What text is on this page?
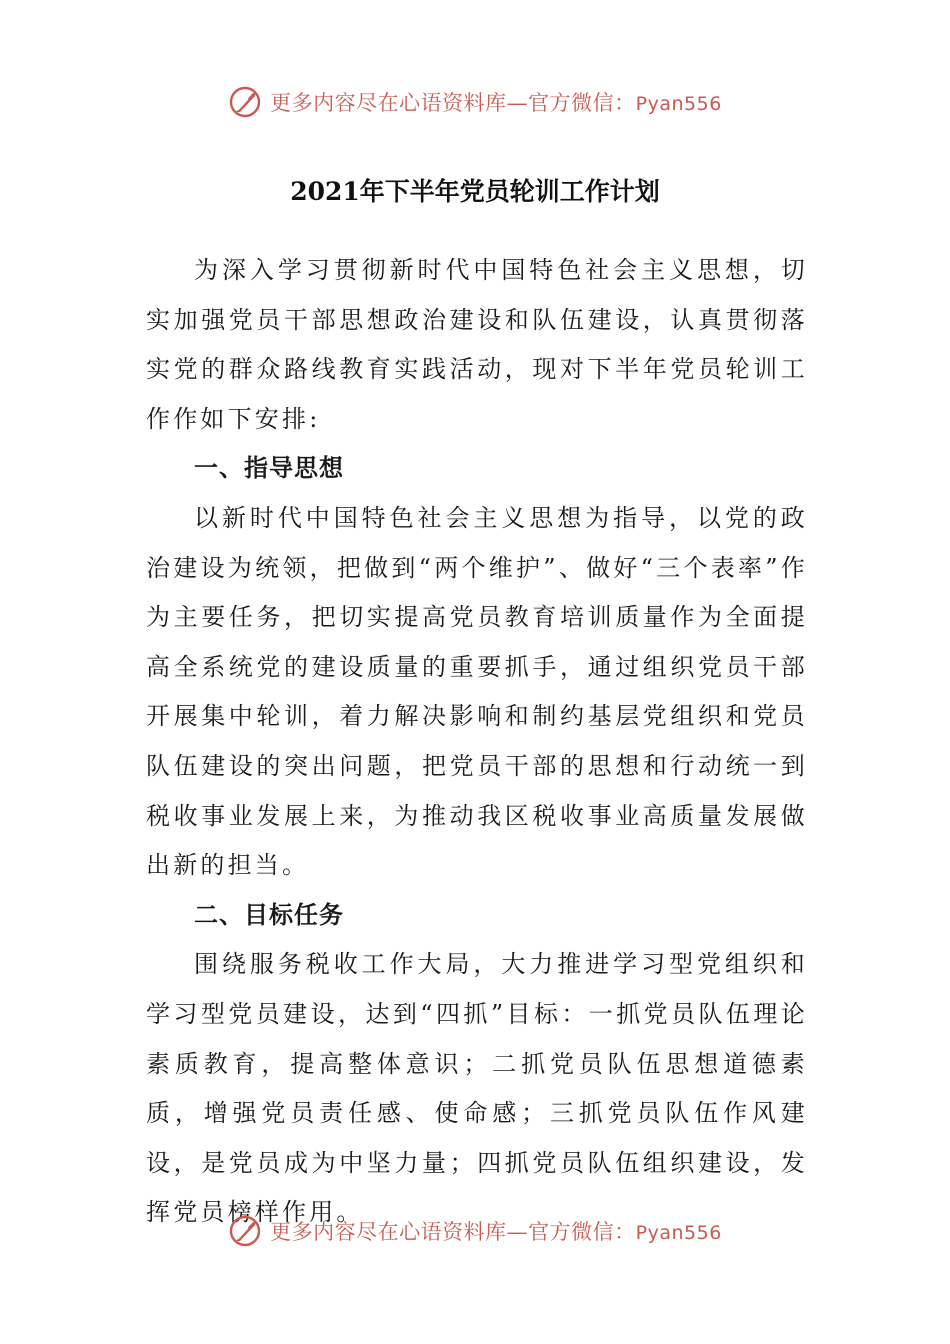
更多内容尽在心语资料库—官方微信：Pyan556
2021年下半年党员轮训工作计划

为深入学习贯彻新时代中国特色社会主义思想，切实加强党员干部思想政治建设和队伍建设，认真贯彻落实党的群众路线教育实践活动，现对下半年党员轮训工作作如下安排:

一、指导思想

以新时代中国特色社会主义思想为指导，以党的政治建设为统领，把做到“两个维护”、做好“三个表率”作为主要任务，把切实提高党员教育培训质量作为全面提高全系统党的建设质量的重要抓手，通过组织党员干部开展集中轮训，着力解决影响和制约基层党组织和党员队伍建设的突出问题，把党员干部的思想和行动统一到税收事业发展上来，为推动我区税收事业高质量发展做出新的担当。

二、目标任务

围绕服务税收工作大局，大力推进学习型党组织和学习型党员建设，达到“四抓”目标：一抓党员队伍理论素质教育，提高整体意识；二抓党员队伍思想道德素质，增强党员责任感、使命感；三抓党员队伍作风建设，是党员成为中坚力量；四抓党员队伍组织建设，发挥党员榜样作用。

更多内容尽在心语资料库—官方微信：Pyan556
